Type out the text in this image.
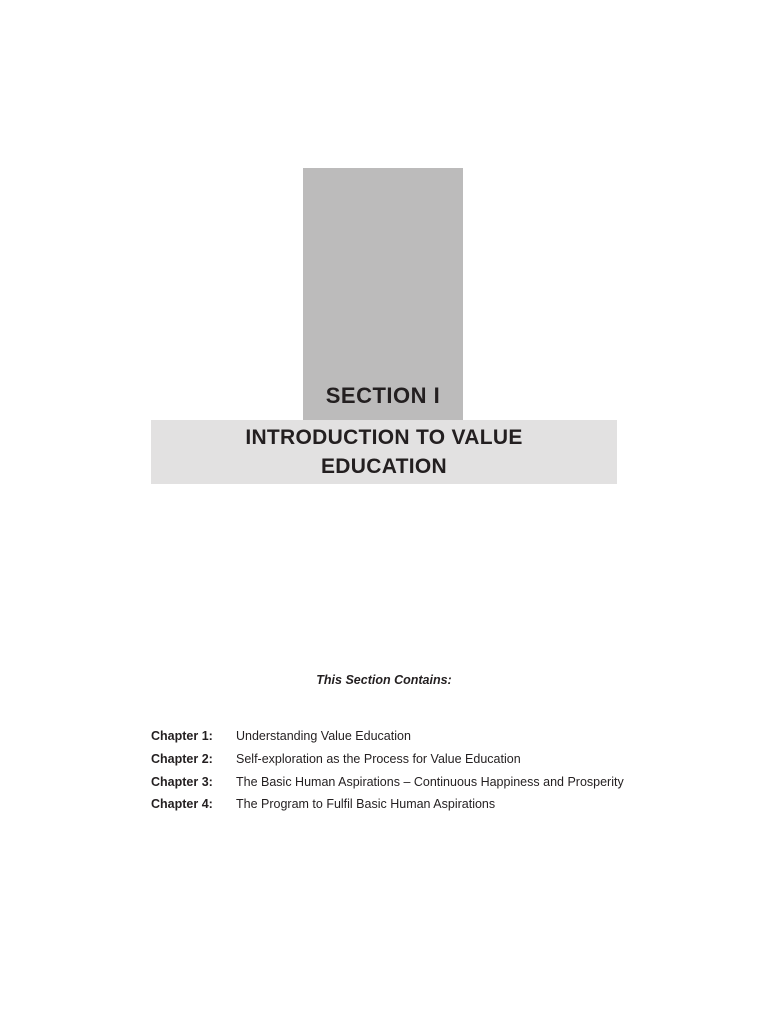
SECTION I
INTRODUCTION TO VALUE EDUCATION
This Section Contains:
Chapter 1:	Understanding Value Education
Chapter 2:	Self-exploration as the Process for Value Education
Chapter 3:	The Basic Human Aspirations – Continuous Happiness and Prosperity
Chapter 4:	The Program to Fulfil Basic Human Aspirations
